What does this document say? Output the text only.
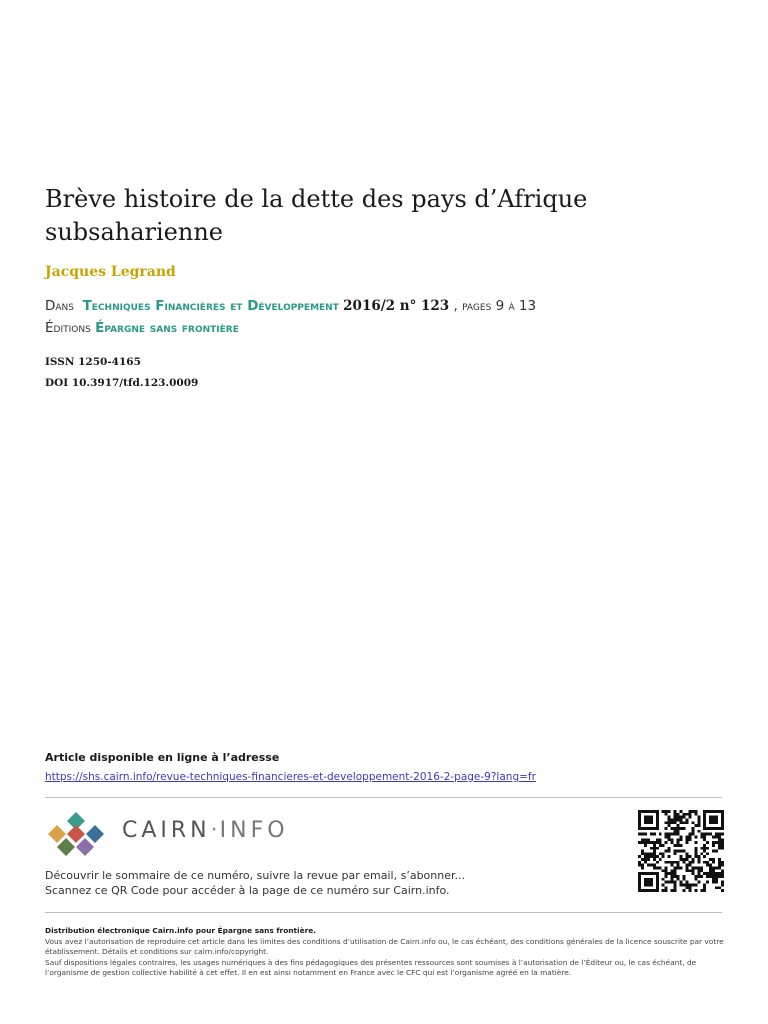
Brève histoire de la dette des pays d’Afrique subsaharienne
Jacques Legrand
Dans Techniques Financières et Développement 2016/2 n° 123 , pages 9 à 13
Éditions Épargne sans frontière
ISSN 1250-4165
DOI 10.3917/tfd.123.0009
Article disponible en ligne à l’adresse
https://shs.cairn.info/revue-techniques-financieres-et-developpement-2016-2-page-9?lang=fr
CAIRN·INFO
Découvrir le sommaire de ce numéro, suivre la revue par email, s’abonner...
Scannez ce QR Code pour accéder à la page de ce numéro sur Cairn.info.
Distribution électronique Cairn.info pour Épargne sans frontière.
Vous avez l’autorisation de reproduire cet article dans les limites des conditions d’utilisation de Cairn.info ou, le cas échéant, des conditions générales de la licence souscrite par votre établissement. Détails et conditions sur cairn.info/copyright.
Sauf dispositions légales contraires, les usages numériques à des fins pédagogiques des présentes ressources sont soumises à l’autorisation de l’Éditeur ou, le cas échéant, de l’organisme de gestion collective habilité à cet effet. Il en est ainsi notamment en France avec le CFC qui est l’organisme agréé en la matière.
